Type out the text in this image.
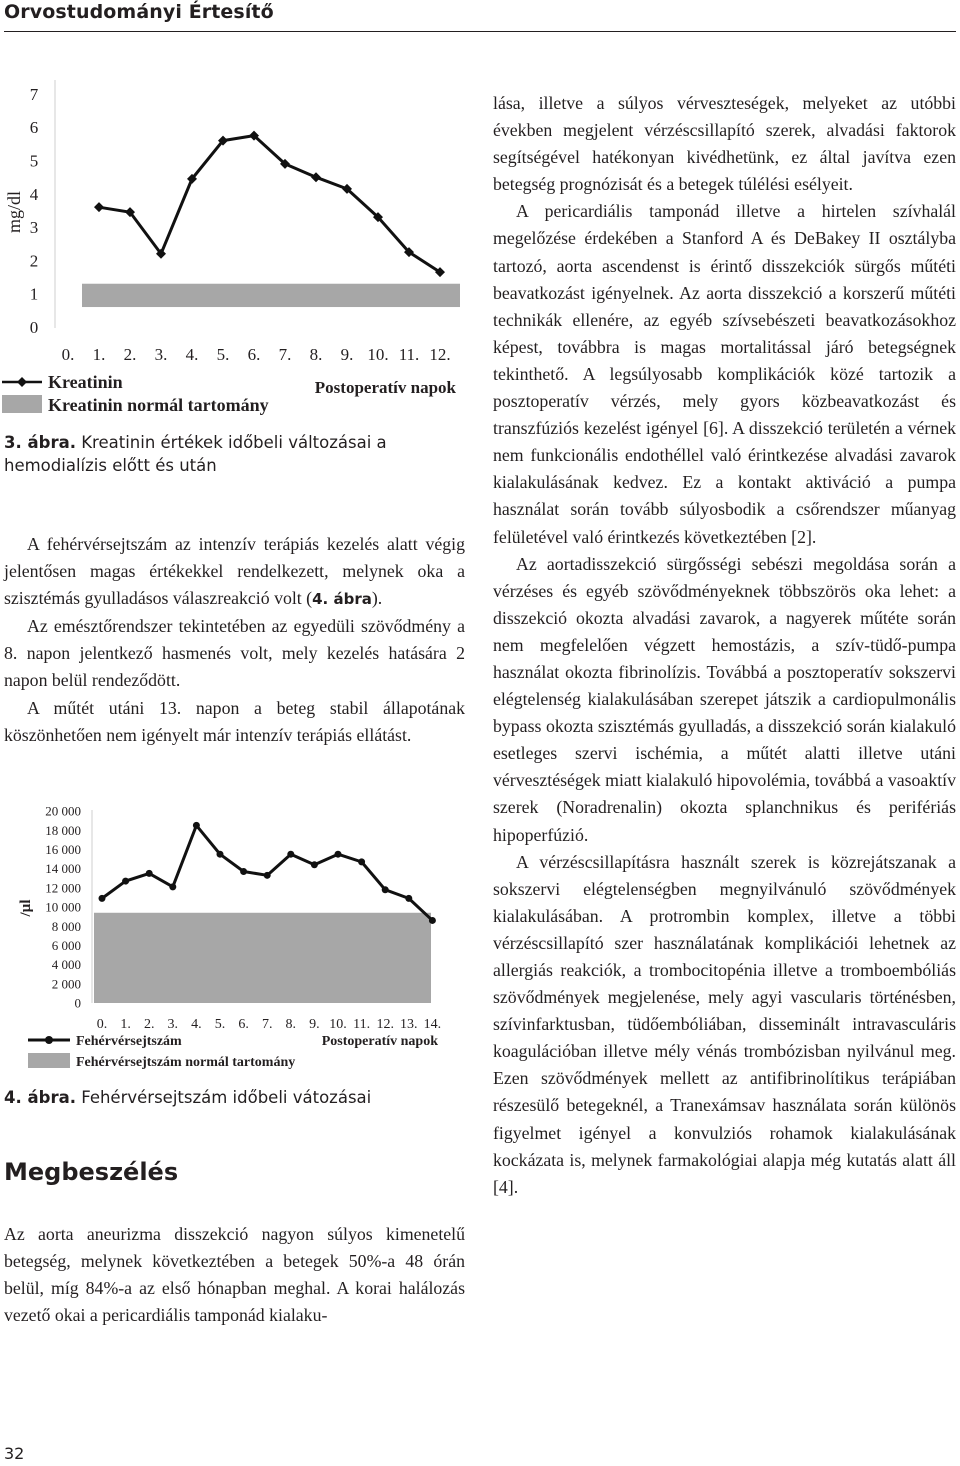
Orvostudományi Értesítő
mg/dl
0
1
2
3
4
5
6
7
0. 1. 2. 3. 4. 5. 6. 7. 8. 9. 10. 11. 12.
Kreatinin
Kreatinin normál tartomány
Postoperatív napok

3. ábra. Kreatinin értékek időbeli változásai a hemodialízis előtt és után

A fehérvérsejtszám az intenzív terápiás kezelés alatt végig jelentősen magas értékekkel rendelkezett, melynek oka a szisztémás gyulladásos válaszreakció volt (4. ábra).

Az emésztőrendszer tekintetében az egyedüli szövődmény a 8. napon jelentkező hasmenés volt, mely kezelés hatására 2 napon belül rendeződött.

A műtét utáni 13. napon a beteg stabil állapotának köszönhetően nem igényelt már intenzív terápiás ellátást.

/µl
0
2 000
4 000
6 000
8 000
10 000
12 000
14 000
16 000
18 000
20 000
0. 1. 2. 3. 4. 5. 6. 7. 8. 9. 10. 11. 12. 13. 14.
Fehérvérsejtszám
Fehérvérsejtszám normál tartomány
Postoperatív napok

4. ábra. Fehérvérsejtszám időbeli vátozásai

Megbeszélés

Az aorta aneurizma disszekció nagyon súlyos kimenetelű betegség, melynek következtében a betegek 50%-a 48 órán belül, míg 84%-a az első hónapban meghal. A korai halálozás vezető okai a pericardiális tamponád kialaku-

lása, illetve a súlyos vérveszteségek, melyeket az utóbbi években megjelent vérzéscsillapító szerek, alvadási faktorok segítségével hatékonyan kivédhetünk, ez által javítva ezen betegség prognózisát és a betegek túlélési esélyeit.

A pericardiális tamponád illetve a hirtelen szívhalál megelőzése érdekében a Stanford A és DeBakey II osztályba tartozó, aorta ascendenst is érintő disszekciók sürgős műtéti beavatkozást igényelnek. Az aorta disszekció a korszerű műtéti technikák ellenére, az egyéb szívsebészeti beavatkozásokhoz képest, továbbra is magas mortalitással járó betegségnek tekinthető. A legsúlyosabb komplikációk közé tartozik a posztoperatív vérzés, mely gyors közbeavatkozást és transzfúziós kezelést igényel [6]. A disszekció területén a vérnek nem funkcionális endothéllel való érintkezése alvadási zavarok kialakulásának kedvez. Ez a kontakt aktiváció a pumpa használat során tovább súlyosbodik a csőrendszer műanyag felületével való érintkezés következtében [2].

Az aortadisszekció sürgősségi sebészi megoldása során a vérzéses és egyéb szövődményeknek többszörös oka lehet: a disszekció okozta alvadási zavarok, a nagyerek műtéte során nem megfelelően végzett hemostázis, a szív-tüdő-pumpa használat okozta fibrinolízis. Továbbá a posztoperatív sokszervi elégtelenség kialakulásában szerepet játszik a cardiopulmonális bypass okozta szisztémás gyulladás, a disszekció során kialakuló esetleges szervi ischémia, a műtét alatti illetve utáni vérvesztéségek miatt kialakuló hipovolémia, továbbá a vasoaktív szerek (Noradrenalin) okozta splanchnikus és perifériás hipoperfúzió.

A vérzéscsillapításra használt szerek is közrejátszanak a sokszervi elégtelenségben megnyilvánuló szövődmények kialakulásában. A protrombin komplex, illetve a többi vérzéscsillapító szer használatának komplikációi lehetnek az allergiás reakciók, a trombocitopénia illetve a tromboembóliás szövődmények megjelenése, mely agyi vascularis történésben, szívinfarktusban, tüdőembóliában, disseminált intravasculáris koagulációban illetve mély vénás trombózisban nyilvánul meg. Ezen szövődmények mellett az antifibrinolítikus terápiában részesülő betegeknél, a Tranexámsav használata során különös figyelmet igényel a konvulziós rohamok kialakulásának kockázata is, melynek farmakológiai alapja még kutatás alatt áll [4].

32
